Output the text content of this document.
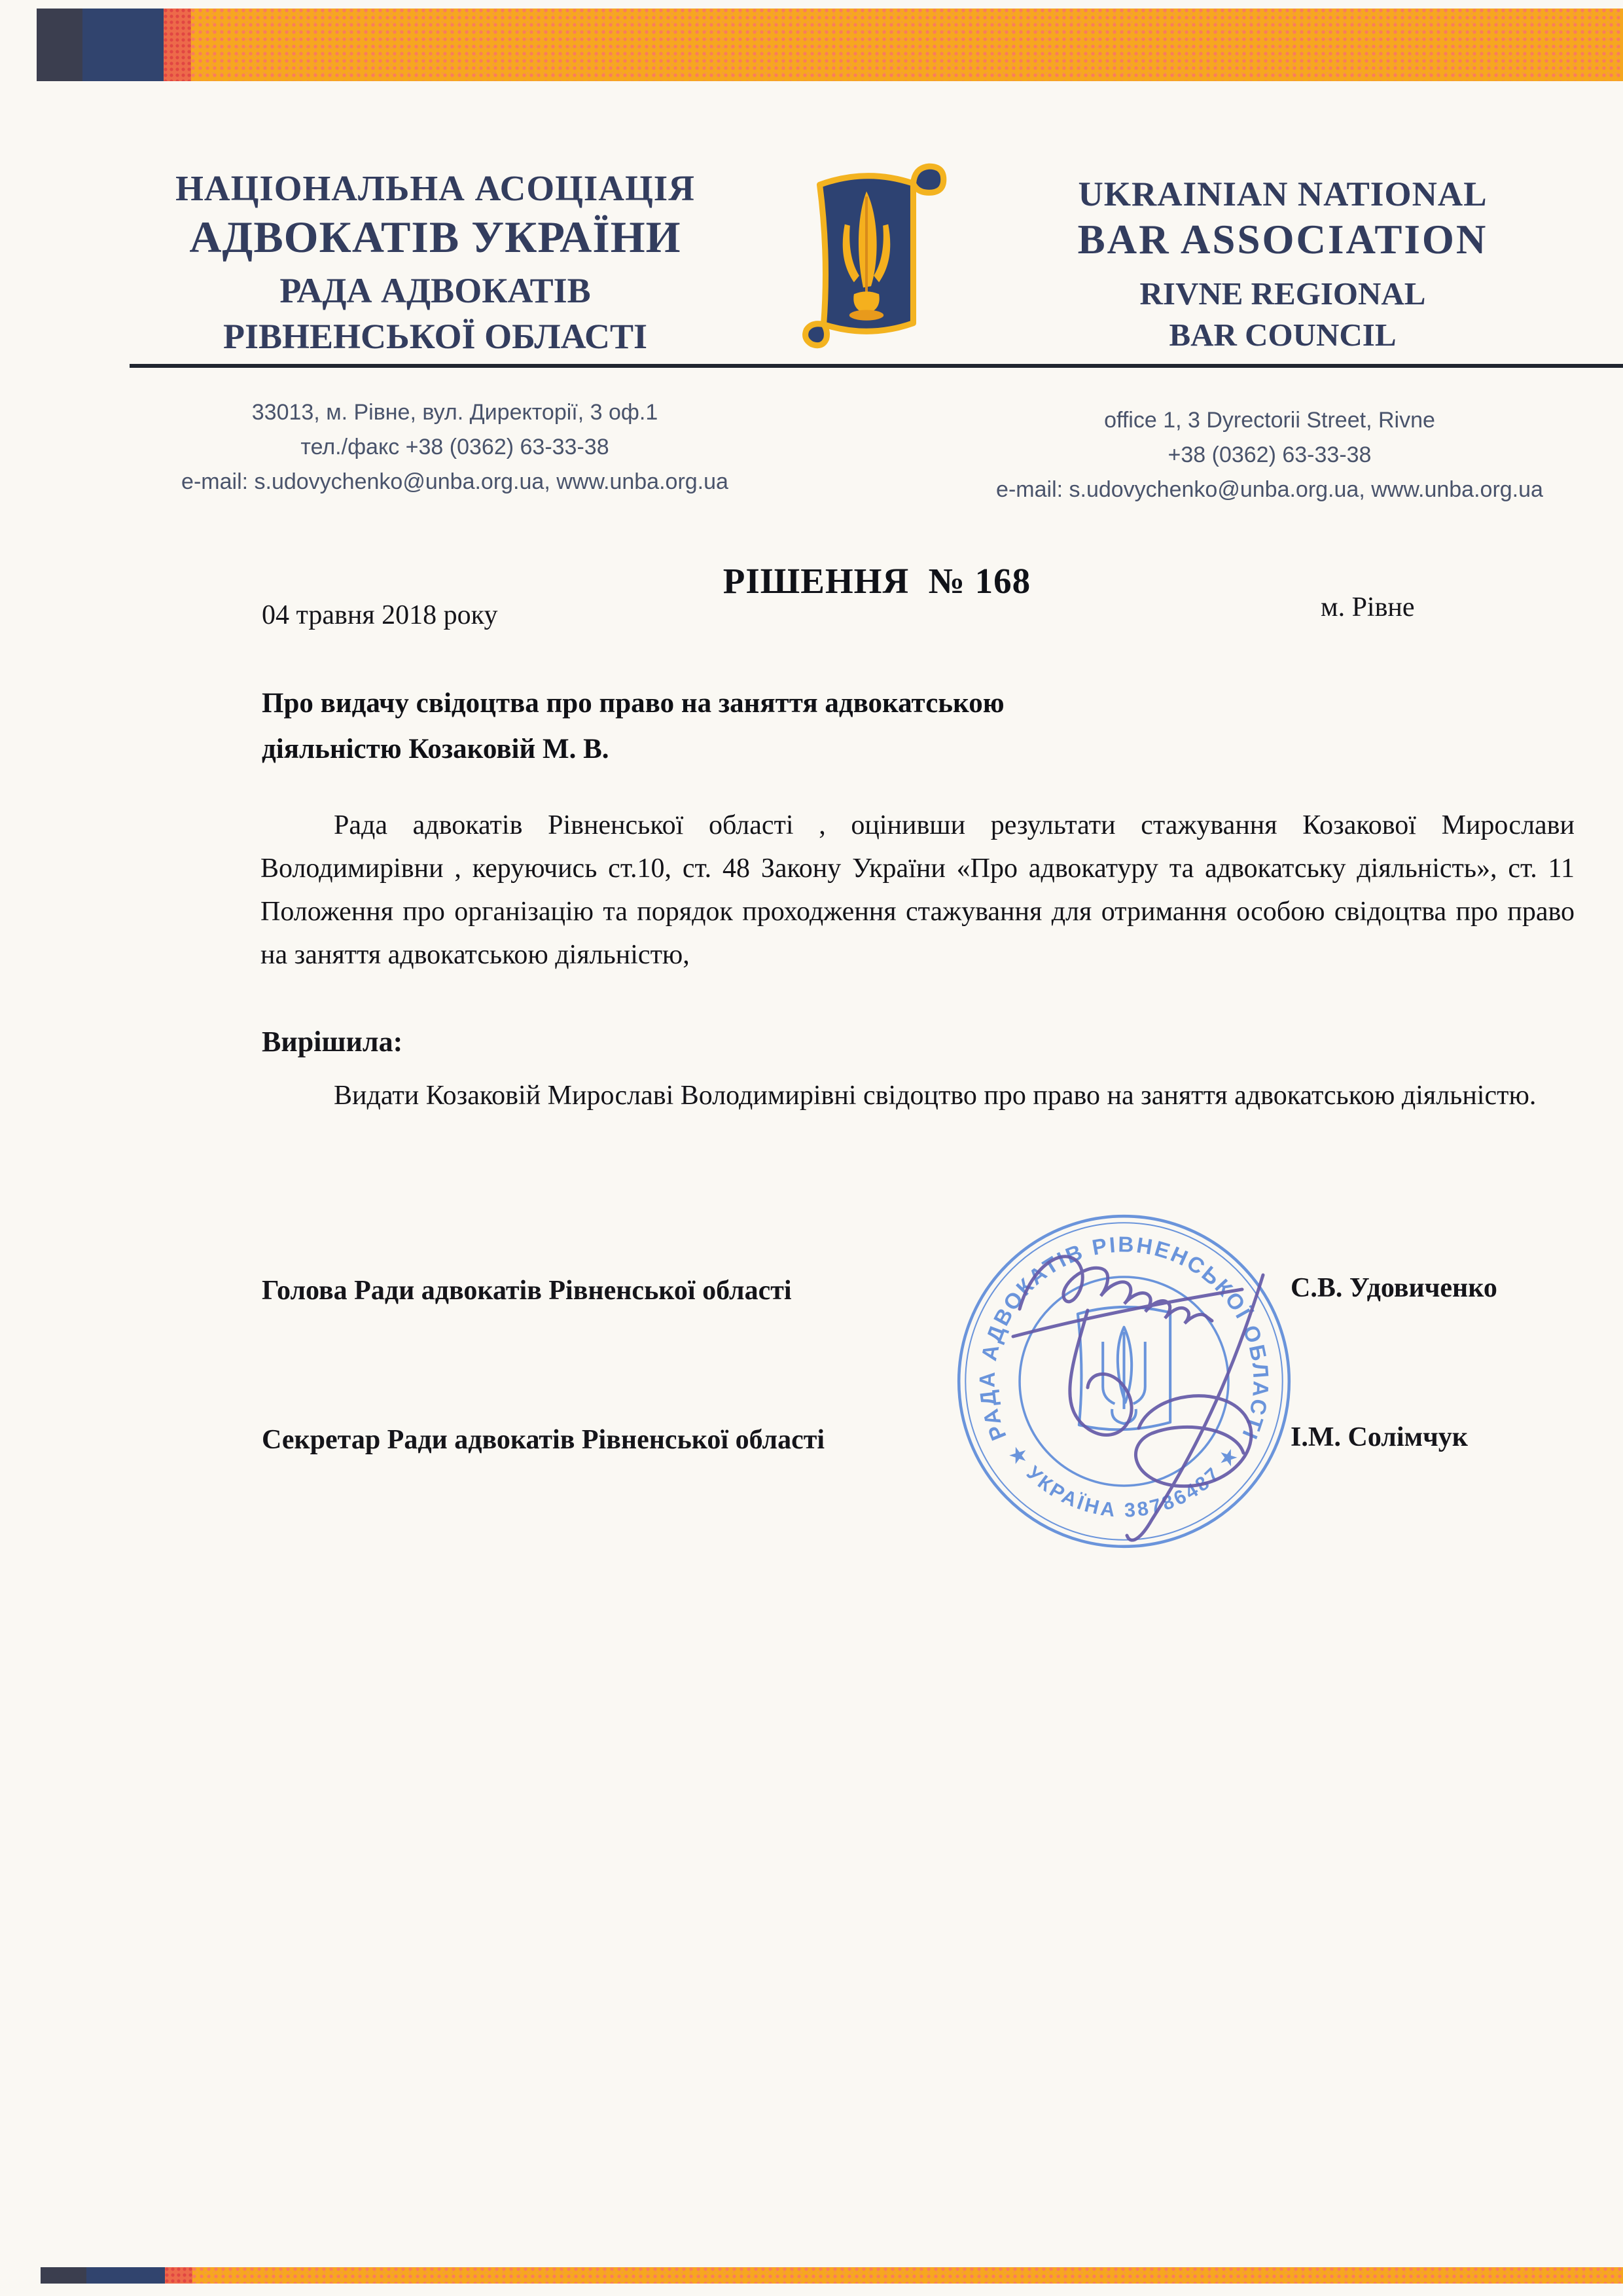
НАЦІОНАЛЬНА АСОЦІАЦІЯ
АДВОКАТІВ УКРАЇНИ
РАДА АДВОКАТІВ
РІВНЕНСЬКОЇ ОБЛАСТІ
UKRAINIAN NATIONAL
BAR ASSOCIATION
RIVNE REGIONAL
BAR COUNCIL
33013, м. Рівне, вул. Директорії, 3 оф.1
тел./факс +38 (0362) 63-33-38
e-mail: s.udovychenko@unba.org.ua, www.unba.org.ua
office 1, 3 Dyrectorii Street, Rivne
+38 (0362) 63-33-38
e-mail: s.udovychenko@unba.org.ua, www.unba.org.ua
РІШЕННЯ  № 168
04 травня 2018 року	м. Рівне
Про видачу свідоцтва про право на заняття адвокатською
діяльністю Козаковій М. В.
Рада адвокатів Рівненської області , оцінивши результати стажування Козакової Мирослави Володимирівни , керуючись ст.10, ст. 48 Закону України «Про адвокатуру та адвокатську діяльність», ст. 11 Положення про організацію та порядок проходження стажування для отримання особою свідоцтва про право на заняття адвокатською діяльністю,
Вирішила:
Видати Козаковій Мирославі Володимирівні свідоцтво про право на заняття адвокатською діяльністю.
Голова Ради адвокатів Рівненської області	С.В. Удовиченко
Секретар Ради адвокатів Рівненської області	І.М. Солімчук
РАДА АДВОКАТІВ РІВНЕНСЬКОЇ ОБЛАСТІ
★ УКРАЇНА 38786487 ★
